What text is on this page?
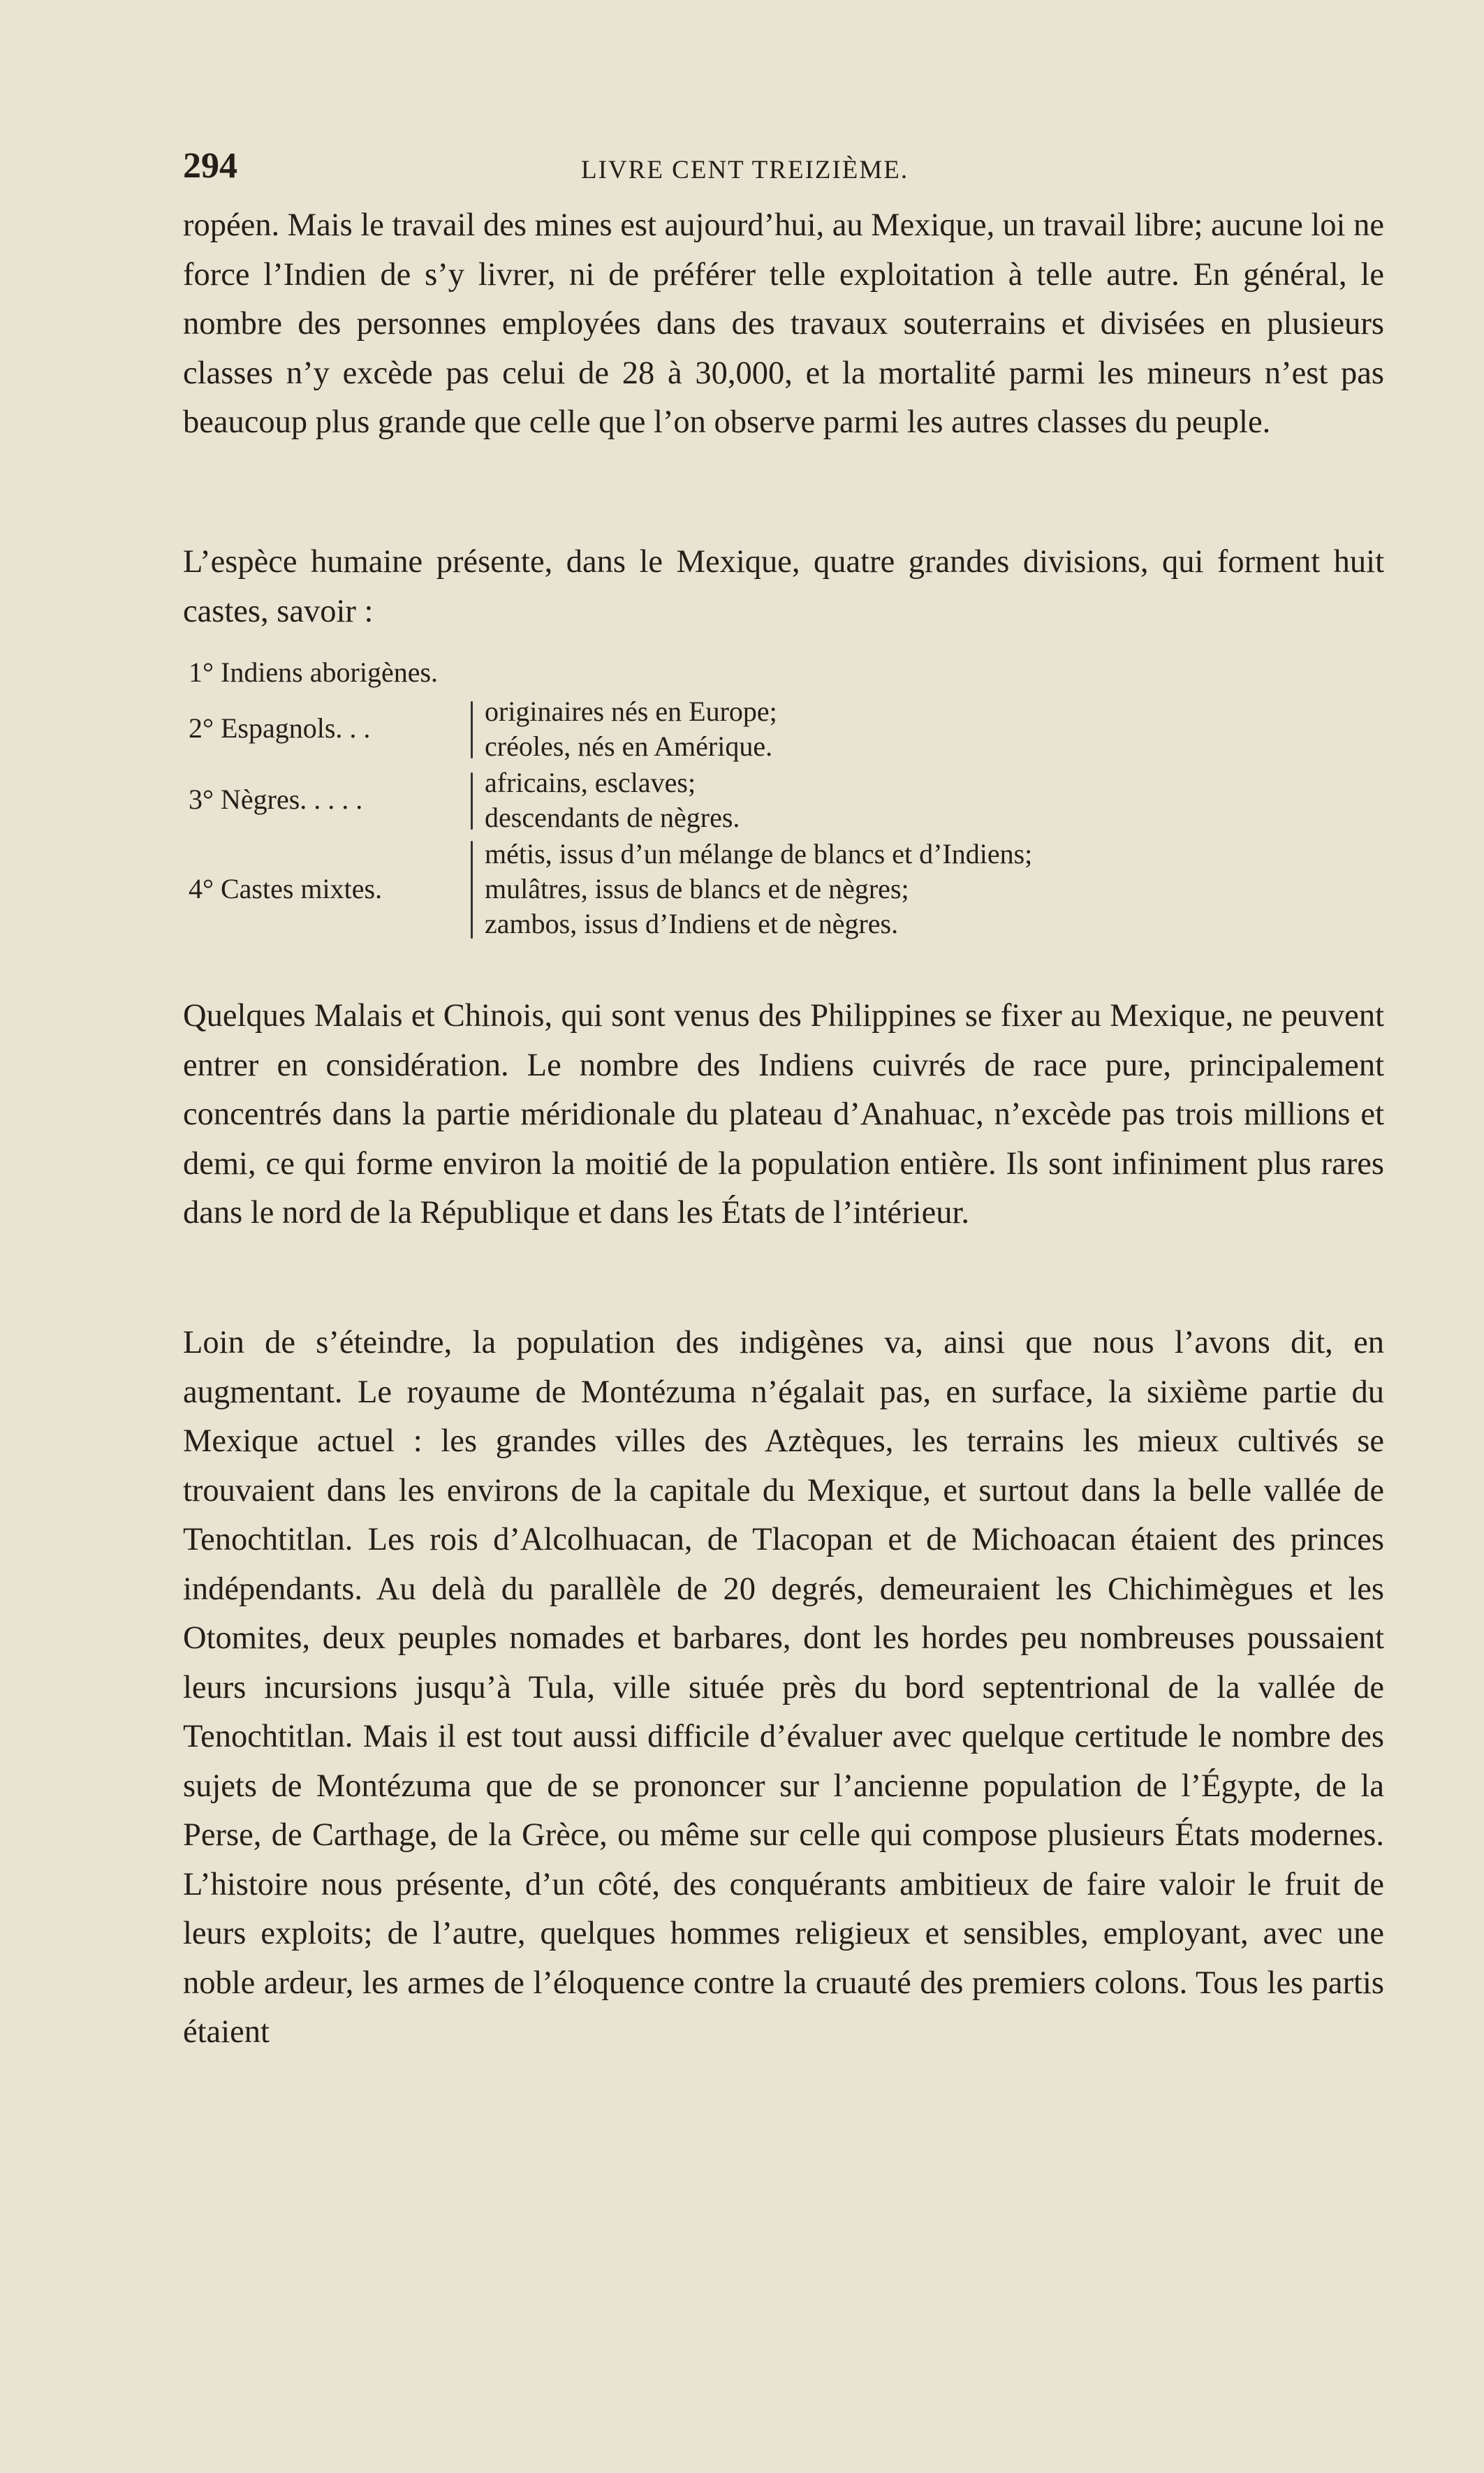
294	LIVRE CENT TREIZIÈME.

ropéen. Mais le travail des mines est aujourd’hui, au Mexique, un travail libre; aucune loi ne force l’Indien de s’y livrer, ni de préférer telle exploitation à telle autre. En général, le nombre des personnes employées dans des travaux souterrains et divisées en plusieurs classes n’y excède pas celui de 28 à 30,000, et la mortalité parmi les mineurs n’est pas beaucoup plus grande que celle que l’on observe parmi les autres classes du peuple.

L’espèce humaine présente, dans le Mexique, quatre grandes divisions, qui forment huit castes, savoir :

1° Indiens aborigènes.
2° Espagnols. . .
originaires nés en Europe;
créoles, nés en Amérique.
3° Nègres. . . . .
africains, esclaves;
descendants de nègres.
4° Castes mixtes.
métis, issus d’un mélange de blancs et d’Indiens;
mulâtres, issus de blancs et de nègres;
zambos, issus d’Indiens et de nègres.

Quelques Malais et Chinois, qui sont venus des Philippines se fixer au Mexique, ne peuvent entrer en considération. Le nombre des Indiens cuivrés de race pure, principalement concentrés dans la partie méridionale du plateau d’Anahuac, n’excède pas trois millions et demi, ce qui forme environ la moitié de la population entière. Ils sont infiniment plus rares dans le nord de la République et dans les États de l’intérieur.

Loin de s’éteindre, la population des indigènes va, ainsi que nous l’avons dit, en augmentant. Le royaume de Montézuma n’égalait pas, en surface, la sixième partie du Mexique actuel : les grandes villes des Aztèques, les terrains les mieux cultivés se trouvaient dans les environs de la capitale du Mexique, et surtout dans la belle vallée de Tenochtitlan. Les rois d’Alcolhuacan, de Tlacopan et de Michoacan étaient des princes indépendants. Au delà du parallèle de 20 degrés, demeuraient les Chichimègues et les Otomites, deux peuples nomades et barbares, dont les hordes peu nombreuses poussaient leurs incursions jusqu’à Tula, ville située près du bord septentrional de la vallée de Tenochtitlan. Mais il est tout aussi difficile d’évaluer avec quelque certitude le nombre des sujets de Montézuma que de se prononcer sur l’ancienne population de l’Égypte, de la Perse, de Carthage, de la Grèce, ou même sur celle qui compose plusieurs États modernes. L’histoire nous présente, d’un côté, des conquérants ambitieux de faire valoir le fruit de leurs exploits; de l’autre, quelques hommes religieux et sensibles, employant, avec une noble ardeur, les armes de l’éloquence contre la cruauté des premiers colons. Tous les partis étaient
